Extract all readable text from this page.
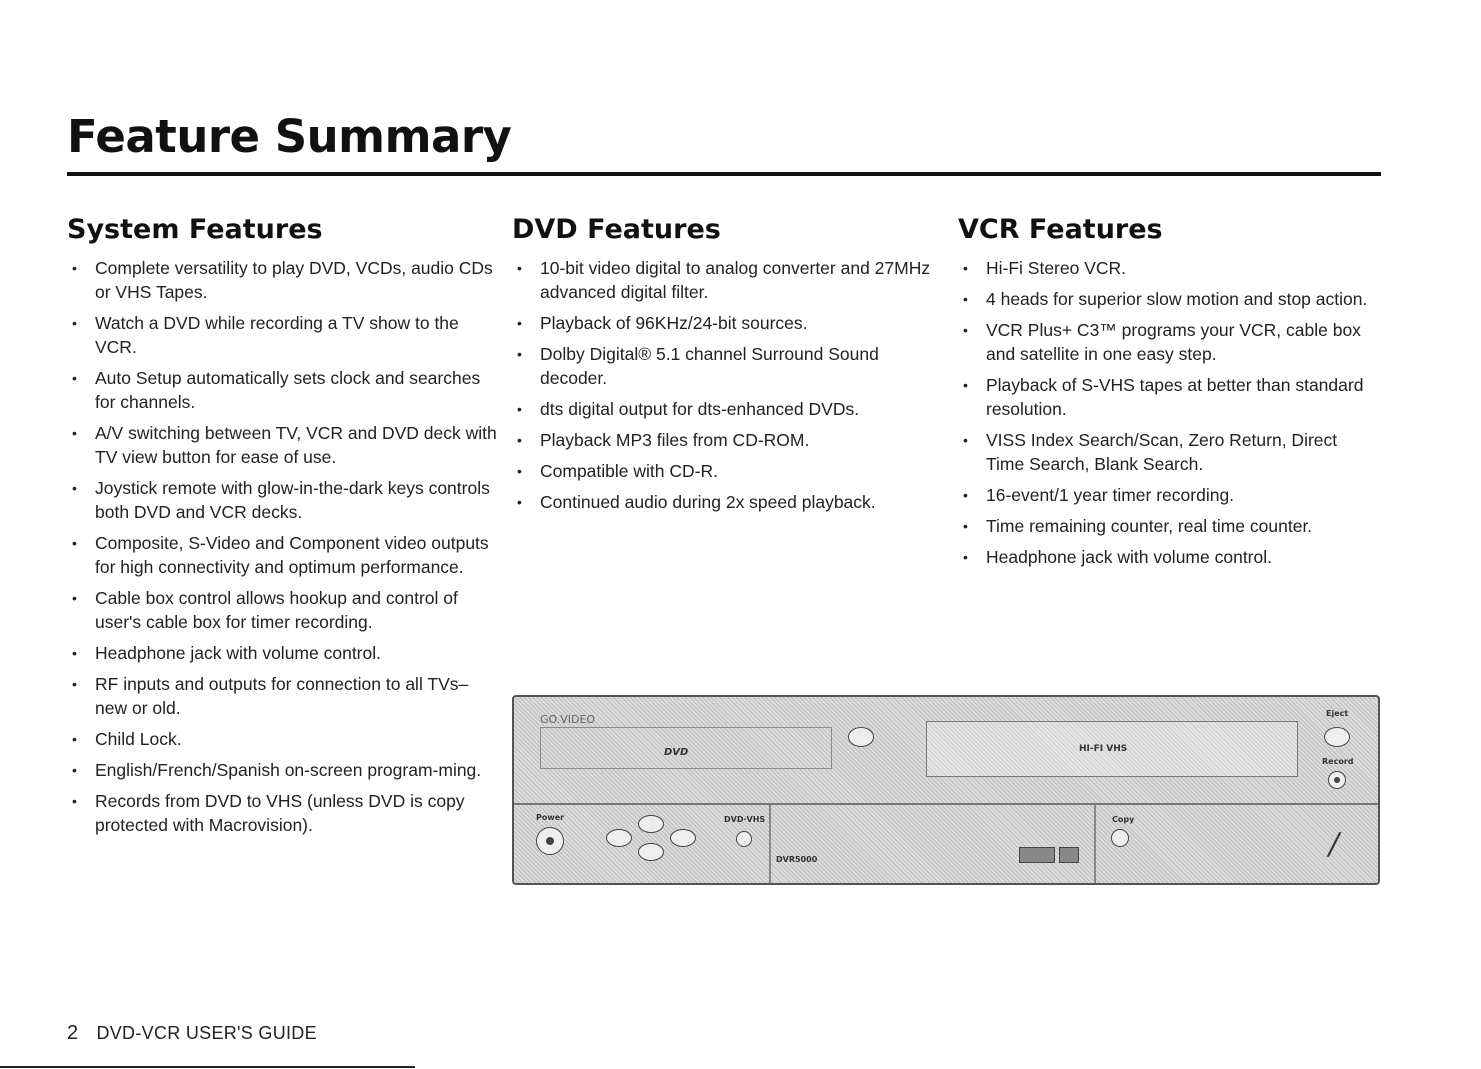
Feature Summary
System Features
• Complete versatility to play DVD, VCDs, audio CDs or VHS Tapes.
• Watch a DVD while recording a TV show to the VCR.
• Auto Setup automatically sets clock and searches for channels.
• A/V switching between TV, VCR and DVD deck with TV view button for ease of use.
• Joystick remote with glow-in-the-dark keys controls both DVD and VCR decks.
• Composite, S-Video and Component video outputs for high connectivity and optimum performance.
• Cable box control allows hookup and control of user's cable box for timer recording.
• Headphone jack with volume control.
• RF inputs and outputs for connection to all TVs–new or old.
• Child Lock.
• English/French/Spanish on-screen program-ming.
• Records from DVD to VHS (unless DVD is copy protected with Macrovision).
DVD Features
• 10-bit video digital to analog converter and 27MHz advanced digital filter.
• Playback of 96KHz/24-bit sources.
• Dolby Digital® 5.1 channel Surround Sound decoder.
• dts digital output for dts-enhanced DVDs.
• Playback MP3 files from CD-ROM.
• Compatible with CD-R.
• Continued audio during 2x speed playback.
VCR Features
• Hi-Fi Stereo VCR.
• 4 heads for superior slow motion and stop action.
• VCR Plus+ C3™ programs your VCR, cable box and satellite in one easy step.
• Playback of S-VHS tapes at better than standard resolution.
• VISS Index Search/Scan, Zero Return, Direct Time Search, Blank Search.
• 16-event/1 year timer recording.
• Time remaining counter, real time counter.
• Headphone jack with volume control.
GO.VIDEO
DVD	HI-FI VHS
Eject
Record
Power	DVD·VHS
DVR5000
Copy
∕
2 DVD-VCR USER'S GUIDE
